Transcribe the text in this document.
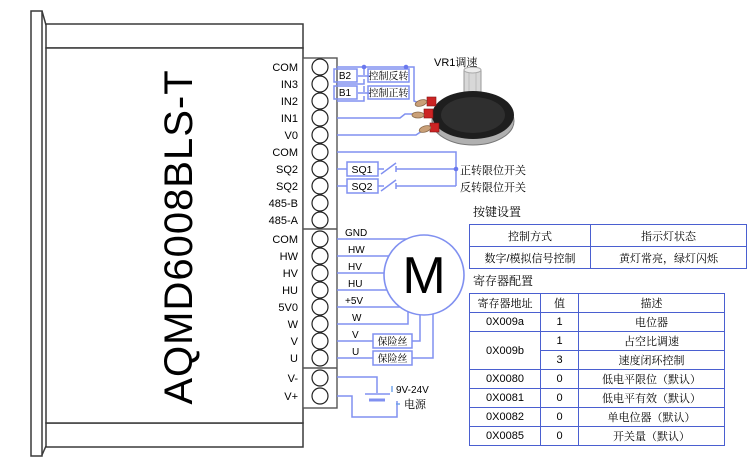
AQMD6008BLS-T
COM
IN3
IN2
IN1
V0
COM
SQ2
SQ2
485-B
485-A
COM
HW
HV
HU
5V0
W
V
U
V-
V+
M
VR1调速
B2 控制反转
B1 控制正转
SQ1	正转限位开关
SQ2	反转限位开关
GND
HW
HV
HU
+5V
W
V
U
保险丝
保险丝
9V-24V
电源
按键设置
控制方式	指示灯状态
数字/模拟信号控制	黄灯常亮，绿灯闪烁
寄存器配置
寄存器地址	值	描述
0X009a	1	电位器
0X009b	1	占空比调速
	3	速度闭环控制
0X0080	0	低电平限位（默认）
0X0081	0	低电平有效（默认）
0X0082	0	单电位器（默认）
0X0085	0	开关量（默认）
